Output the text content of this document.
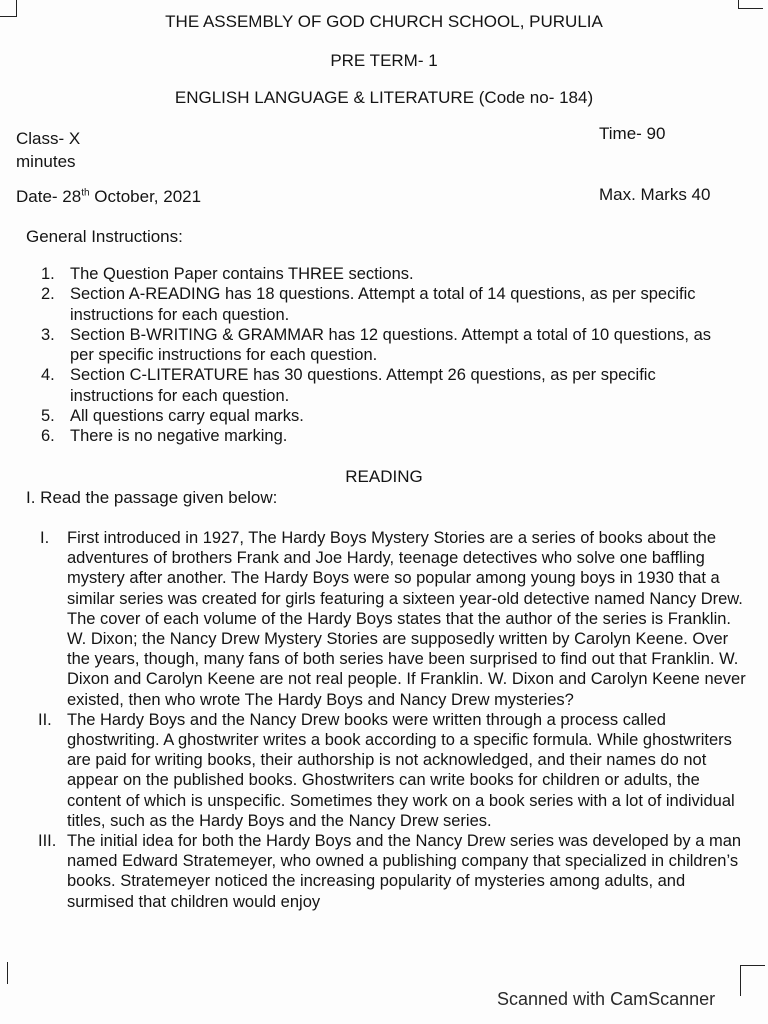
THE ASSEMBLY OF GOD CHURCH SCHOOL, PURULIA
PRE TERM- 1
ENGLISH LANGUAGE & LITERATURE (Code no- 184)
Class- X	Time- 90
minutes
Date- 28th October, 2021	Max. Marks 40
General Instructions:
1. The Question Paper contains THREE sections.
2. Section A-READING has 18 questions. Attempt a total of 14 questions, as per specific instructions for each question.
3. Section B-WRITING & GRAMMAR has 12 questions. Attempt a total of 10 questions, as per specific instructions for each question.
4. Section C-LITERATURE has 30 questions. Attempt 26 questions, as per specific instructions for each question.
5. All questions carry equal marks.
6. There is no negative marking.
READING
I. Read the passage given below:
I. First introduced in 1927, The Hardy Boys Mystery Stories are a series of books about the adventures of brothers Frank and Joe Hardy, teenage detectives who solve one baffling mystery after another. The Hardy Boys were so popular among young boys in 1930 that a similar series was created for girls featuring a sixteen year-old detective named Nancy Drew. The cover of each volume of the Hardy Boys states that the author of the series is Franklin. W. Dixon; the Nancy Drew Mystery Stories are supposedly written by Carolyn Keene. Over the years, though, many fans of both series have been surprised to find out that Franklin. W. Dixon and Carolyn Keene are not real people. If Franklin. W. Dixon and Carolyn Keene never existed, then who wrote The Hardy Boys and Nancy Drew mysteries?
II. The Hardy Boys and the Nancy Drew books were written through a process called ghostwriting. A ghostwriter writes a book according to a specific formula. While ghostwriters are paid for writing books, their authorship is not acknowledged, and their names do not appear on the published books. Ghostwriters can write books for children or adults, the content of which is unspecific. Sometimes they work on a book series with a lot of individual titles, such as the Hardy Boys and the Nancy Drew series.
III. The initial idea for both the Hardy Boys and the Nancy Drew series was developed by a man named Edward Stratemeyer, who owned a publishing company that specialized in children’s books. Stratemeyer noticed the increasing popularity of mysteries among adults, and surmised that children would enjoy
Scanned with CamScanner
